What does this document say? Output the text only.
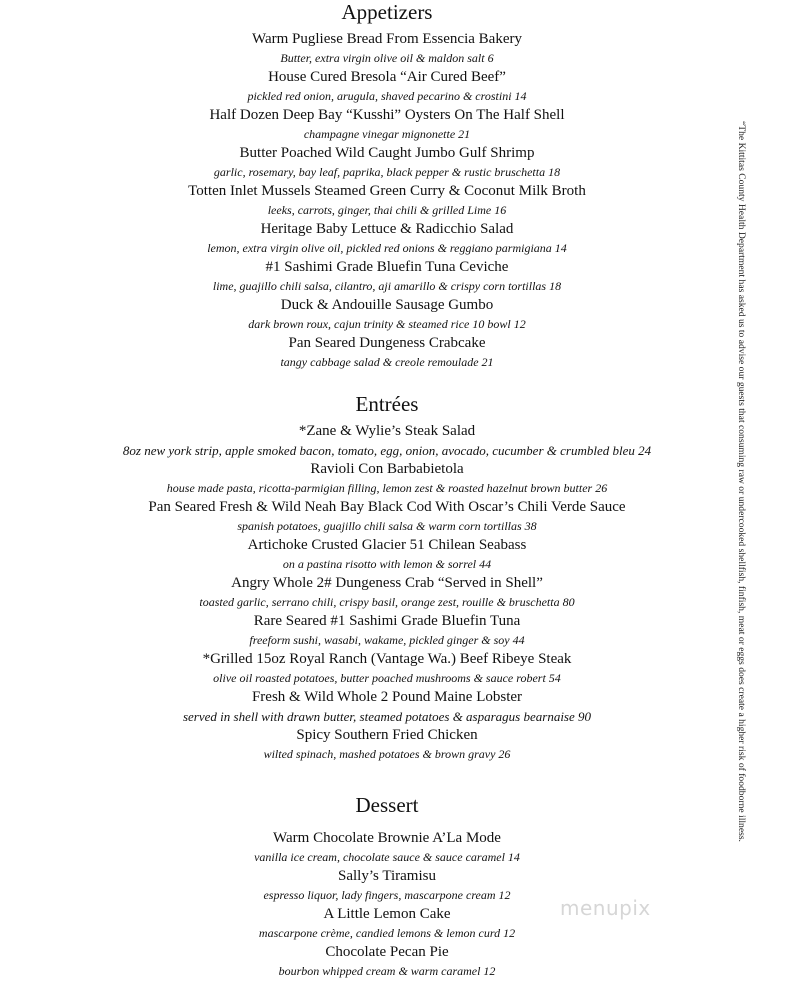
Appetizers
Warm Pugliese Bread From Essencia Bakery
Butter, extra virgin olive oil & maldon salt 6
House Cured Bresola “Air Cured Beef”
pickled red onion, arugula, shaved pecarino & crostini 14
Half Dozen Deep Bay “Kusshi” Oysters On The Half Shell
champagne vinegar mignonette 21
Butter Poached Wild Caught Jumbo Gulf Shrimp
garlic, rosemary, bay leaf, paprika, black pepper & rustic bruschetta 18
Totten Inlet Mussels Steamed Green Curry & Coconut Milk Broth
leeks, carrots, ginger, thai chili & grilled Lime 16
Heritage Baby Lettuce & Radicchio Salad
lemon, extra virgin olive oil, pickled red onions & reggiano parmigiana 14
#1 Sashimi Grade Bluefin Tuna Ceviche
lime, guajillo chili salsa, cilantro, aji amarillo & crispy corn tortillas 18
Duck & Andouille Sausage Gumbo
dark brown roux, cajun trinity & steamed rice 10 bowl 12
Pan Seared Dungeness Crabcake
tangy cabbage salad & creole remoulade 21
Entrées
*Zane & Wylie’s Steak Salad
8oz new york strip, apple smoked bacon, tomato, egg, onion, avocado, cucumber & crumbled bleu 24
Ravioli Con Barbabietola
house made pasta, ricotta-parmigian filling, lemon zest & roasted hazelnut brown butter 26
Pan Seared Fresh & Wild Neah Bay Black Cod With Oscar’s Chili Verde Sauce
spanish potatoes, guajillo chili salsa & warm corn tortillas 38
Artichoke Crusted Glacier 51 Chilean Seabass
on a pastina risotto with lemon & sorrel 44
Angry Whole 2# Dungeness Crab “Served in Shell”
toasted garlic, serrano chili, crispy basil, orange zest, rouille & bruschetta 80
Rare Seared #1 Sashimi Grade Bluefin Tuna
freeform sushi, wasabi, wakame, pickled ginger & soy 44
*Grilled 15oz Royal Ranch (Vantage Wa.) Beef Ribeye Steak
olive oil roasted potatoes, butter poached mushrooms & sauce robert 54
Fresh & Wild Whole 2 Pound Maine Lobster
served in shell with drawn butter, steamed potatoes & asparagus bearnaise 90
Spicy Southern Fried Chicken
wilted spinach, mashed potatoes & brown gravy 26
Dessert
Warm Chocolate Brownie A’La Mode
vanilla ice cream, chocolate sauce & sauce caramel 14
Sally’s Tiramisu
espresso liquor, lady fingers, mascarpone cream 12
A Little Lemon Cake
mascarpone crème, candied lemons & lemon curd 12
Chocolate Pecan Pie
bourbon whipped cream & warm caramel 12
“The Kittitas County Health Department has asked us to advise our guests that consuming raw or undercooked shellfish, finfish, meat or eggs does create a higher risk of foodborne illness.
menupix
